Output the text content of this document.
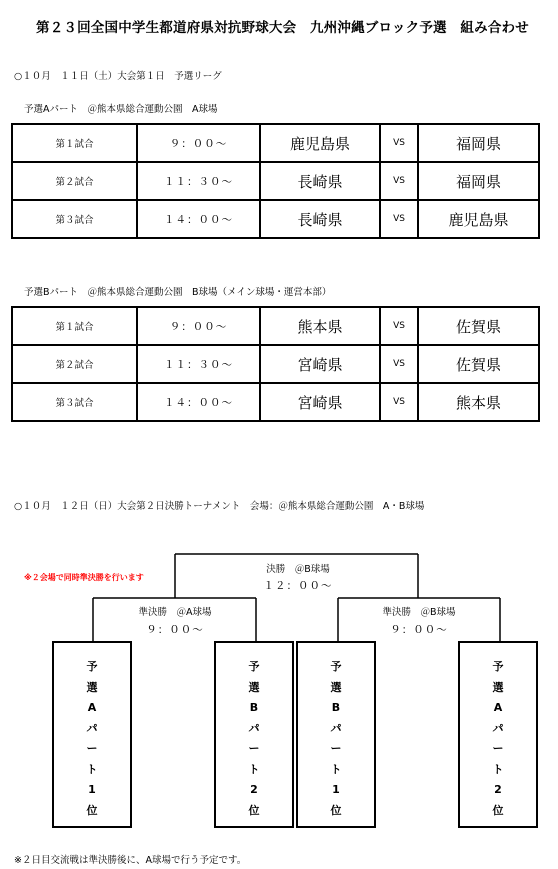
第２３回全国中学生都道府県対抗野球大会　九州沖縄ブロック予選　組み合わせ
○１０月　１１日（土）大会第１日　予選リーグ
予選Aパート　＠熊本県総合運動公園　A球場
第１試合	９：００～	鹿児島県	VS	福岡県
第２試合	１１：３０～	長崎県	VS	福岡県
第３試合	１４：００～	長崎県	VS	鹿児島県
予選Bパート　＠熊本県総合運動公園　B球場（メイン球場・運営本部）
第１試合	９：００～	熊本県	VS	佐賀県
第２試合	１１：３０～	宮崎県	VS	佐賀県
第３試合	１４：００～	宮崎県	VS	熊本県
○１０月　１２日（日）大会第２日決勝トーナメント　会場：＠熊本県総合運動公園　A・B球場
決勝　＠B球場
１２：００～
※２会場で同時準決勝を行います
準決勝　＠A球場
９：００～
準決勝　＠B球場
９：００～
予
選
A
パ
ー
ト
1
位
予
選
B
パ
ー
ト
2
位
予
選
B
パ
ー
ト
1
位
予
選
A
パ
ー
ト
2
位
※２日目交流戦は準決勝後に、A球場で行う予定です。
